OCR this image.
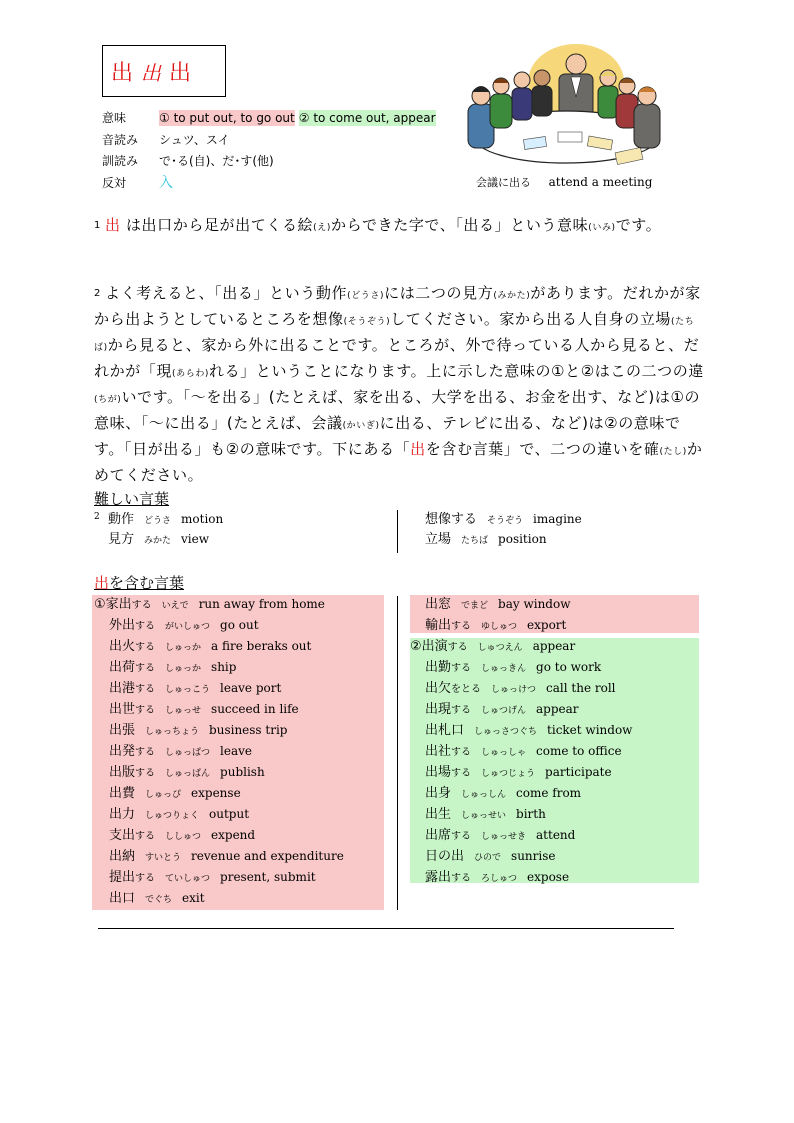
出 出 出
意味	① to put out, to go out ② to come out, appear
音読み	シュツ、スイ
訓読み	で･る(自)、だ･す(他)
反対	入	会議に出る attend a meeting
$^1$ 出 は出口から足が出てくる絵(え)からできた字で、「出る」という意味(いみ)です。
$^2$ よく考えると、「出る」という動作(どうさ)には二つの見方(みかた)があります。だれかが家から出ようとしているところを想像(そうぞう)してください。家から出る人自身の立場(たちば)から見ると、家から外に出ることです。ところが、外で待っている人から見ると、だれかが「現(あらわ)れる」ということになります。上に示した意味の①と②はこの二つの違(ちが)いです。「～を出る」(たとえば、家を出る、大学を出る、お金を出す、など)は①の意味、「～に出る」(たとえば、会議(かいぎ)に出る、テレビに出る、など)は②の意味です。「日が出る」も②の意味です。下にある「出を含む言葉」で、二つの違いを確(たし)かめてください。
難しい言葉
2 動作 どうさ motion
見方 みかた view
想像する そうぞう imagine
立場 たちば position
出を含む言葉
①家出する いえで run away from home
外出する がいしゅつ go out
出火する しゅっか a fire beraks out
出荷する しゅっか ship
出港する しゅっこう leave port
出世する しゅっせ succeed in life
出張 しゅっちょう business trip
出発する しゅっぱつ leave
出版する しゅっぱん publish
出費 しゅっぴ expense
出力 しゅつりょく output
支出する ししゅつ expend
出納 すいとう revenue and expenditure
提出する ていしゅつ present, submit
出口 でぐち exit
出窓 でまど bay window
輸出する ゆしゅつ export
②出演する しゅつえん appear
出勤する しゅっきん go to work
出欠をとる しゅっけつ call the roll
出現する しゅつげん appear
出札口 しゅっさつぐち ticket window
出社する しゅっしゃ come to office
出場する しゅつじょう participate
出身 しゅっしん come from
出生 しゅっせい birth
出席する しゅっせき attend
日の出 ひので sunrise
露出する ろしゅつ expose
